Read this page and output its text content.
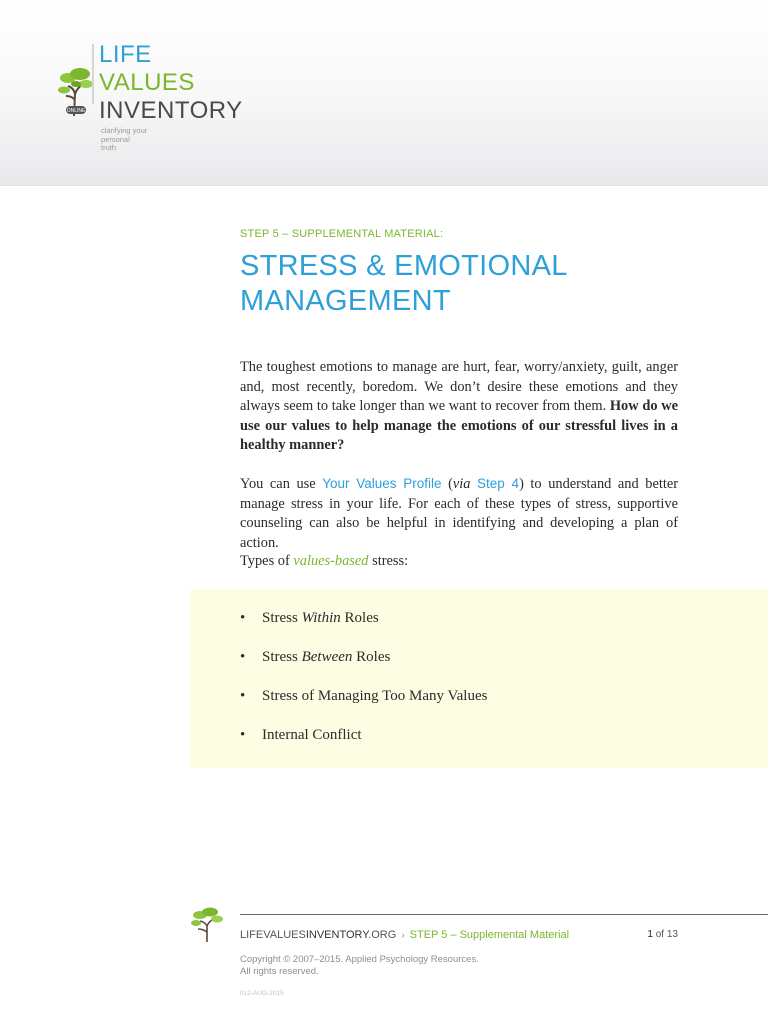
ONLINE
LIFE
VALUES
INVENTORY
clarifying your
personal
truth
STEP 5 – SUPPLEMENTAL MATERIAL:
STRESS & EMOTIONAL
MANAGEMENT

The toughest emotions to manage are hurt, fear, worry/anxiety, guilt, anger and, most recently, boredom. We don’t desire these emotions and they always seem to take longer than we want to recover from them. How do we use our values to help manage the emotions of our stressful lives in a healthy manner?

You can use Your Values Profile (via Step 4) to understand and better manage stress in your life. For each of these types of stress, supportive counseling can also be helpful in identifying and developing a plan of action.

Types of values-based stress:

• Stress Within Roles
• Stress Between Roles
• Stress of Managing Too Many Values
• Internal Conflict
LIFEVALUESINVENTORY.ORG › STEP 5 – Supplemental Material	1 of 13
Copyright © 2007–2015. Applied Psychology Resources.
All rights reserved.
012-AUG-2015
